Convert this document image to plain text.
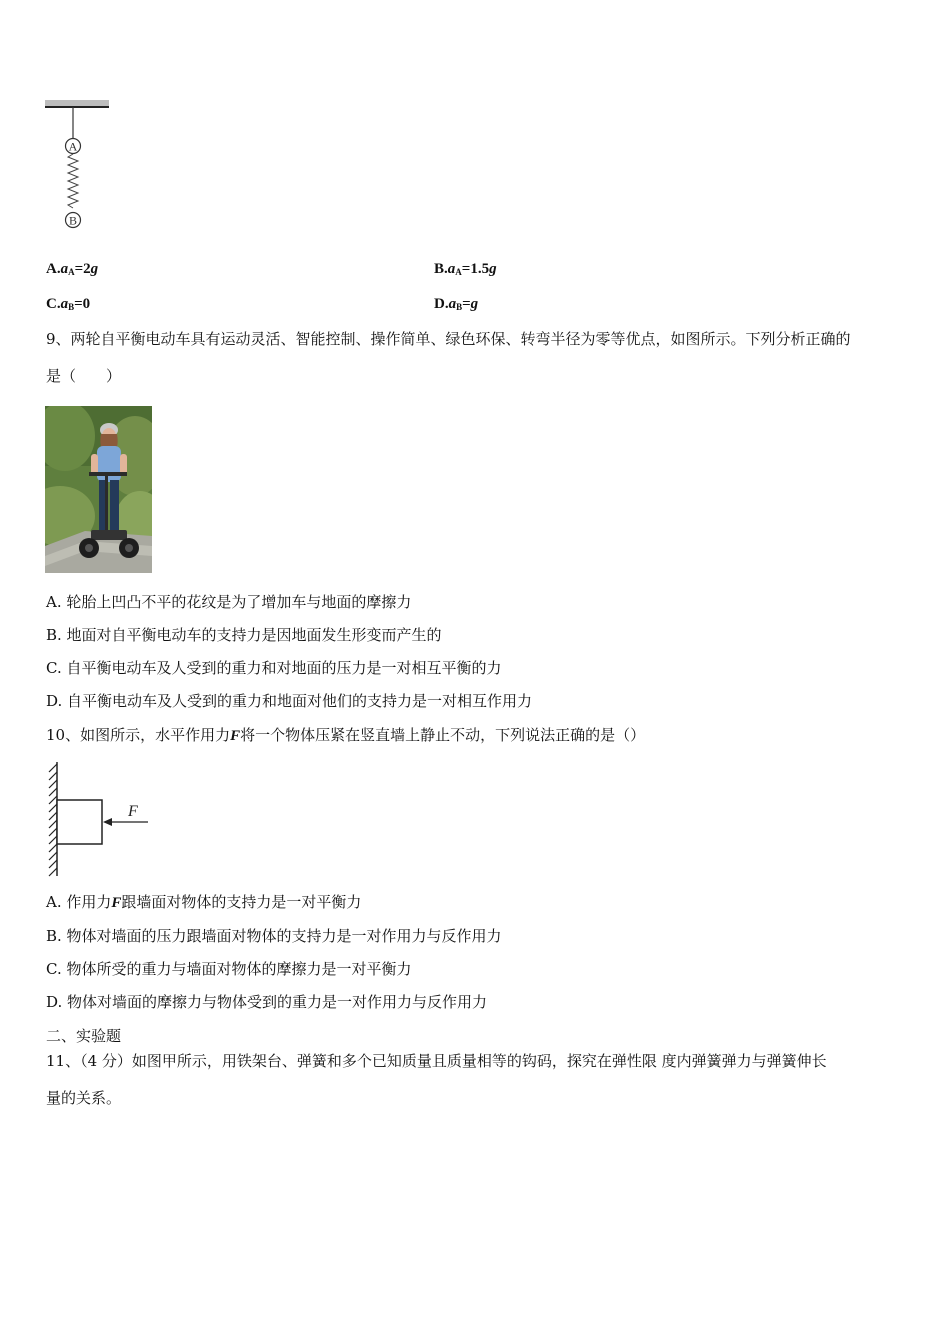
A
B
$A.a_A=2g$	$B.a_A=1.5g$
$C.a_B=0$	$D.a_B=g$
9、两轮自平衡电动车具有运动灵活、智能控制、操作简单、绿色环保、转弯半径为零等优点，如图所示。下列分析正确的
是（　　）
A. 轮胎上凹凸不平的花纹是为了增加车与地面的摩擦力
B. 地面对自平衡电动车的支持力是因地面发生形变而产生的
C. 自平衡电动车及人受到的重力和对地面的压力是一对相互平衡的力
D. 自平衡电动车及人受到的重力和地面对他们的支持力是一对相互作用力
10、如图所示，水平作用力F将一个物体压紧在竖直墙上静止不动，下列说法正确的是（）
F
A. 作用力F跟墙面对物体的支持力是一对平衡力
B. 物体对墙面的压力跟墙面对物体的支持力是一对作用力与反作用力
C. 物体所受的重力与墙面对物体的摩擦力是一对平衡力
D. 物体对墙面的摩擦力与物体受到的重力是一对作用力与反作用力
二、实验题
11、（4 分）如图甲所示，用铁架台、弹簧和多个已知质量且质量相等的钩码，探究在弹性限 度内弹簧弹力与弹簧伸长
量的关系。
